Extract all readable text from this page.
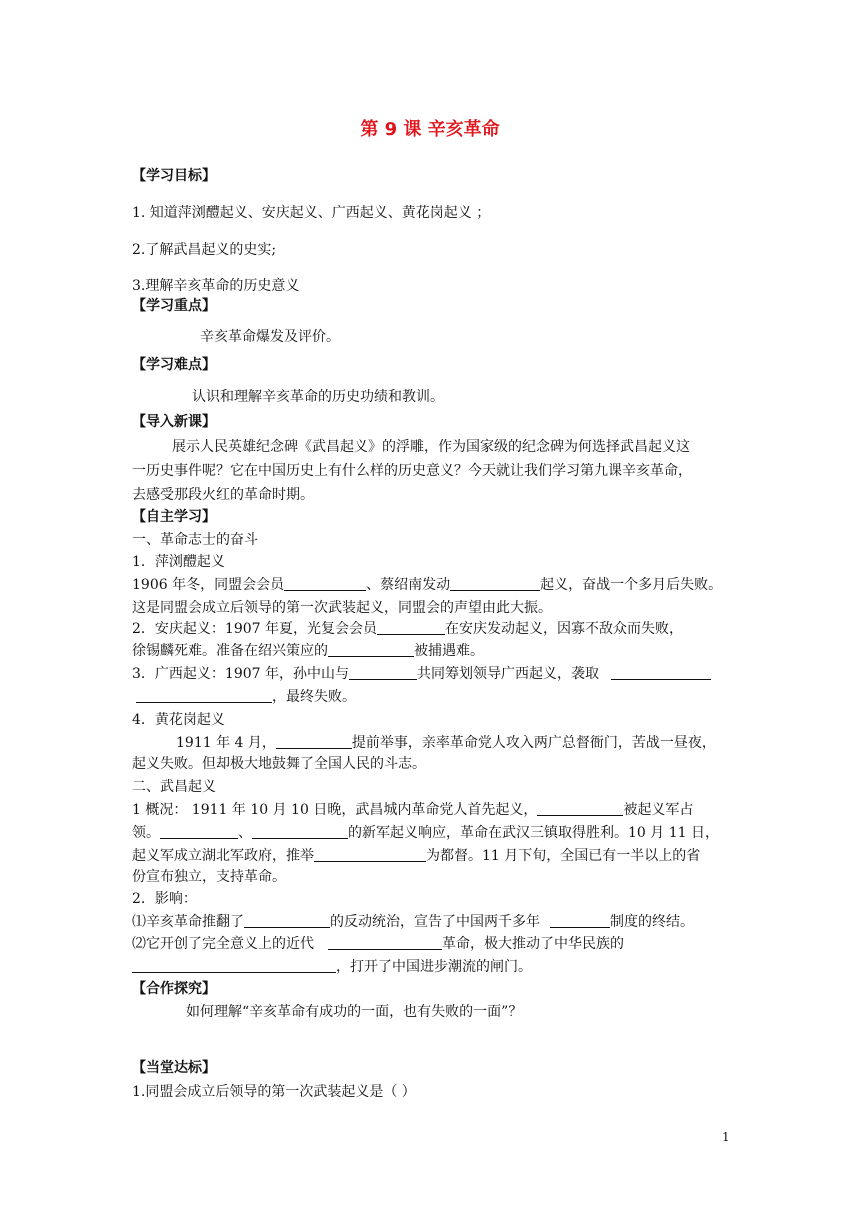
第 9 课 辛亥革命
【学习目标】
1. 知道萍浏醴起义、安庆起义、广西起义、黄花岗起义 ；
2.了解武昌起义的史实;
3.理解辛亥革命的历史意义
【学习重点】
辛亥革命爆发及评价。
【学习难点】
认识和理解辛亥革命的历史功绩和教训。
【导入新课】
展示人民英雄纪念碑《武昌起义》的浮雕，作为国家级的纪念碑为何选择武昌起义这
一历史事件呢？它在中国历史上有什么样的历史意义？今天就让我们学习第九课辛亥革命，
去感受那段火红的革命时期。
【自主学习】
一、革命志士的奋斗
1．萍浏醴起义
1906 年冬，同盟会会员	、蔡绍南发动	起义，奋战一个多月后失败。
这是同盟会成立后领导的第一次武装起义，同盟会的声望由此大振。
2．安庆起义：1907 年夏，光复会会员	在安庆发动起义，因寡不敌众而失败，
徐锡麟死难。准备在绍兴策应的	被捕遇难。
3．广西起义：1907 年，孙中山与	共同筹划领导广西起义，袭取
，最终失败。
4．黄花岗起义
1911 年 4 月，	提前举事，亲率革命党人攻入两广总督衙门，苦战一昼夜，
起义失败。但却极大地鼓舞了全国人民的斗志。
二、武昌起义
1 概况： 1911 年 10 月 10 日晚，武昌城内革命党人首先起义，	被起义军占
领。	、	的新军起义响应，革命在武汉三镇取得胜利。10 月 11 日，
起义军成立湖北军政府，推举	为都督。11 月下旬，全国已有一半以上的省
份宣布独立，支持革命。
2．影响：
⑴辛亥革命推翻了	的反动统治，宣告了中国两千多年	制度的终结。
⑵它开创了完全意义上的近代	革命，极大推动了中华民族的
，打开了中国进步潮流的闸门。
【合作探究】
如何理解“辛亥革命有成功的一面，也有失败的一面”？
【当堂达标】
1.同盟会成立后领导的第一次武装起义是（ ）
1
